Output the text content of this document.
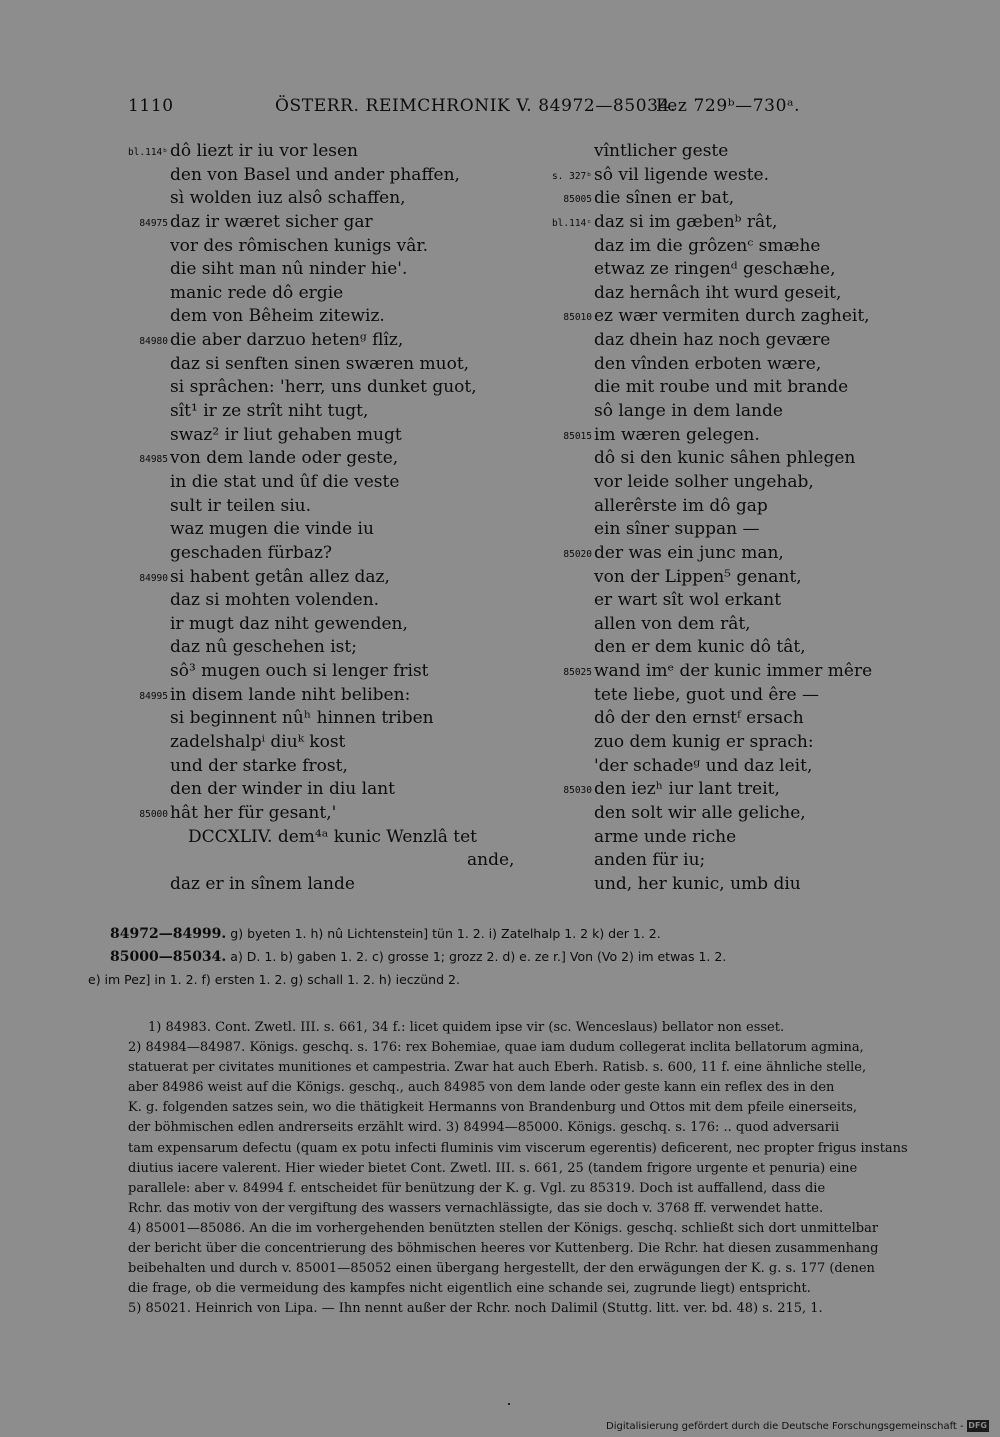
1110	ÖSTERR. REIMCHRONIK V. 84972—85034.
Pez 729ᵇ—730ᵃ.
bl.114ᵇ dô liezt ir iu vor lesen
den von Basel und ander phaffen,
sì wolden iuz alsô schaffen,
84975 daz ir wæret sicher gar
vor des rômischen kunigs vâr.
die siht man nû ninder hie'.
manic rede dô ergie
dem von Bêheim zitewiz.
84980 die aber darzuo hetenᵍ flîz,
daz si senften sinen swæren muot,
si sprâchen: 'herr, uns dunket guot,
sît¹ ir ze strît niht tugt,
swaz² ir liut gehaben mugt
84985 von dem lande oder geste,
in die stat und ûf die veste
sult ir teilen siu.
waz mugen die vinde iu
geschaden fürbaz?
84990 si habent getân allez daz,
daz si mohten volenden.
ir mugt daz niht gewenden,
daz nû geschehen ist;
sô³ mugen ouch si lenger frist
84995 in disem lande niht beliben:
si beginnent nûʰ hinnen triben
zadelshalpⁱ diuᵏ kost
und der starke frost,
den der winder in diu lant
85000 hât her für gesant,'
DCCXLIV. dem⁴ᵃ kunic Wenzlâ tet
ande,
daz er in sînem lande
vîntlicher geste
s. 327ᵇ sô vil ligende weste.
85005 die sînen er bat,
bl.114ᶜ daz si im gæbenᵇ rât,
daz im die grôzenᶜ smæhe
etwaz ze ringenᵈ geschæhe,
daz hernâch iht wurd geseit,
85010 ez wær vermiten durch zagheit,
daz dhein haz noch gevære
den vînden erboten wære,
die mit roube und mit brande
sô lange in dem lande
85015 im wæren gelegen.
dô si den kunic sâhen phlegen
vor leide solher ungehab,
allerêrste im dô gap
ein sîner suppan —
85020 der was ein junc man,
von der Lippen⁵ genant,
er wart sît wol erkant
allen von dem rât,
den er dem kunic dô tât,
85025 wand imᵉ der kunic immer mêre
tete liebe, guot und êre —
dô der den ernstᶠ ersach
zuo dem kunig er sprach:
'der schadeᵍ und daz leit,
85030 den iezʰ iur lant treit,
den solt wir alle geliche,
arme unde riche
anden für iu;
und, her kunic, umb diu
84972—84999. g) byeten 1. h) nû Lichtenstein] tün 1. 2. i) Zatelhalp 1. 2 k) der 1. 2.
85000—85034. a) D. 1. b) gaben 1. 2. c) grosse 1; grozz 2. d) e. ze r.] Von (Vo 2) im etwas 1. 2.
e) im Pez] in 1. 2. f) ersten 1. 2. g) schall 1. 2. h) ieczünd 2.

1) 84983. Cont. Zwetl. III. s. 661, 34 f.: licet quidem ipse vir (sc. Wenceslaus) bellator non esset.

2) 84984—84987. Königs. geschq. s. 176: rex Bohemiae, quae iam dudum collegerat inclita bellatorum agmina,

statuerat per civitates munitiones et campestria. Zwar hat auch Eberh. Ratisb. s. 600, 11 f. eine ähnliche stelle,

aber 84986 weist auf die Königs. geschq., auch 84985 von dem lande oder geste kann ein reflex des in den

K. g. folgenden satzes sein, wo die thätigkeit Hermanns von Brandenburg und Ottos mit dem pfeile einerseits,

der böhmischen edlen andrerseits erzählt wird. 3) 84994—85000. Königs. geschq. s. 176: .. quod adversarii

tam expensarum defectu (quam ex potu infecti fluminis vim viscerum egerentis) deficerent, nec propter frigus instans

diutius iacere valerent. Hier wieder bietet Cont. Zwetl. III. s. 661, 25 (tandem frigore urgente et penuria) eine

parallele: aber v. 84994 f. entscheidet für benützung der K. g. Vgl. zu 85319. Doch ist auffallend, dass die

Rchr. das motiv von der vergiftung des wassers vernachlässigte, das sie doch v. 3768 ff. verwendet hatte.

4) 85001—85086. An die im vorhergehenden benützten stellen der Königs. geschq. schließt sich dort unmittelbar

der bericht über die concentrierung des böhmischen heeres vor Kuttenberg. Die Rchr. hat diesen zusammenhang

beibehalten und durch v. 85001—85052 einen übergang hergestellt, der den erwägungen der K. g. s. 177 (denen

die frage, ob die vermeidung des kampfes nicht eigentlich eine schande sei, zugrunde liegt) entspricht.

5) 85021. Heinrich von Lipa. — Ihn nennt außer der Rchr. noch Dalimil (Stuttg. litt. ver. bd. 48) s. 215, 1.

Digitalisierung gefördert durch die Deutsche Forschungsgemeinschaft - DFG
